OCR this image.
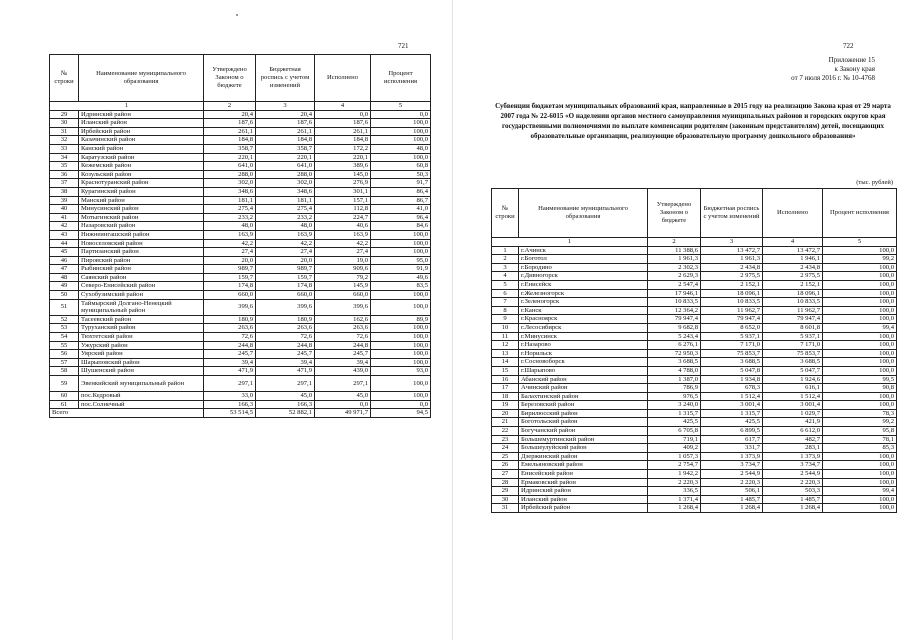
721
№ строки	Наименование муниципального образования	Утверждено Законом о бюджете	Бюджетная роспись с учетом изменений	Исполнено	Процент исполнения
1		2	3	4	5
29	Идринский район	20,4	20,4	0,0	0,0
30	Иланский район	187,6	187,6	187,6	100,0
31	Ирбейский район	261,1	261,1	261,1	100,0
32	Казачинский район	184,8	184,8	184,8	100,0
33	Канский район	358,7	358,7	172,2	48,0
34	Каратузский район	220,1	220,1	220,1	100,0
35	Кежемский район	641,0	641,0	389,6	60,8
36	Козульский район	288,0	288,0	145,0	50,3
37	Краснотуранский район	302,0	302,0	276,9	91,7
38	Курагинский район	348,6	348,6	301,1	86,4
39	Манский район	181,1	181,1	157,1	86,7
40	Минусинский район	275,4	275,4	112,8	41,0
41	Мотыгинский район	233,2	233,2	224,7	96,4
42	Назаровский район	48,0	48,0	40,6	84,6
43	Нижнеингашский район	163,9	163,9	163,9	100,0
44	Новоселовский район	42,2	42,2	42,2	100,0
45	Партизанский район	27,4	27,4	27,4	100,0
46	Пировский район	20,0	20,0	19,0	95,0
47	Рыбинский район	989,7	989,7	909,6	91,9
48	Саянский район	159,7	159,7	79,2	49,6
49	Северо-Енисейский район	174,8	174,8	145,9	83,5
50	Сухобузимский район	660,0	660,0	660,0	100,0
51	Таймырский Долгано-Ненецкий муниципальный район	399,6	399,6	399,6	100,0
52	Тасеевский район	180,9	180,9	162,6	89,9
53	Туруханский район	263,6	263,6	263,6	100,0
54	Тюхтетский район	72,6	72,6	72,6	100,0
55	Ужурский район	244,8	244,8	244,8	100,0
56	Уярский район	245,7	245,7	245,7	100,0
57	Шарыповский район	39,4	39,4	39,4	100,0
58	Шушенский район	471,9	471,9	439,0	93,0
59	Эвенкийский муниципальный район	297,1	297,1	297,1	100,0
60	пос.Кедровый	33,0	45,0	45,0	100,0
61	пос.Солнечный	166,3	166,3	0,0	0,0
Всего		53 514,5	52 882,1	49 971,7	94,5
722
Приложение 15
к Закону края
от 7 июля 2016 г. № 10-4768
Субвенции бюджетам муниципальных образований края, направленные в 2015 году на реализацию Закона края от 29 марта 2007 года № 22-6015 «О наделении органов местного самоуправления муниципальных районов и городских округов края государственными полномочиями по выплате компенсации родителям (законным представителям) детей, посещающих образовательные организации, реализующие образовательную программу дошкольного образования»
(тыс. рублей)
№ строки	Наименование муниципального образования	Утверждено Законом о бюджете	Бюджетная роспись с учетом изменений	Исполнено	Процент исполнения
1		2	3	4	5
1	г.Ачинск	11 388,6	13 472,7	13 472,7	100,0
2	г.Боготол	1 961,3	1 961,3	1 946,1	99,2
3	г.Бородино	2 302,3	2 434,8	2 434,8	100,0
4	г.Дивногорск	2 629,3	2 975,5	2 975,5	100,0
5	г.Енисейск	2 547,4	2 152,1	2 152,1	100,0
6	г.Железногорск	17 946,1	18 096,1	18 096,1	100,0
7	г.Зеленогорск	10 833,5	10 833,5	10 833,5	100,0
8	г.Канск	12 364,2	11 962,7	11 962,7	100,0
9	г.Красноярск	79 947,4	79 947,4	79 947,4	100,0
10	г.Лесосибирск	9 682,8	8 652,0	8 601,8	99,4
11	г.Минусинск	5 243,4	5 937,1	5 937,1	100,0
12	г.Назарово	6 276,1	7 171,0	7 171,0	100,0
13	г.Норильск	72 950,3	75 853,7	75 853,7	100,0
14	г.Сосновоборск	3 688,5	3 688,5	3 688,5	100,0
15	г.Шарыпово	4 788,0	5 047,8	5 047,7	100,0
16	Абанский район	1 387,0	1 934,8	1 924,6	99,5
17	Ачинский район	786,9	678,3	616,1	90,8
18	Балахтинский район	976,5	1 512,4	1 512,4	100,0
19	Березовский район	3 240,0	3 001,4	3 001,4	100,0
20	Бирилюсский район	1 315,7	1 315,7	1 029,7	78,3
21	Боготольский район	425,5	425,5	421,9	99,2
22	Богучанский район	6 705,8	6 899,5	6 612,0	95,8
23	Большемуртинский район	719,1	617,7	482,7	78,1
24	Большеулуйский район	409,2	331,7	283,1	85,3
25	Дзержинский район	1 057,3	1 373,9	1 373,9	100,0
26	Емельяновский район	2 754,7	3 734,7	3 734,7	100,0
27	Енисейский район	1 942,2	2 544,9	2 544,9	100,0
28	Ермаковский район	2 220,3	2 220,3	2 220,3	100,0
29	Идринский район	336,5	506,1	503,3	99,4
30	Иланский район	1 371,4	1 485,7	1 485,7	100,0
31	Ирбейский район	1 268,4	1 268,4	1 268,4	100,0
